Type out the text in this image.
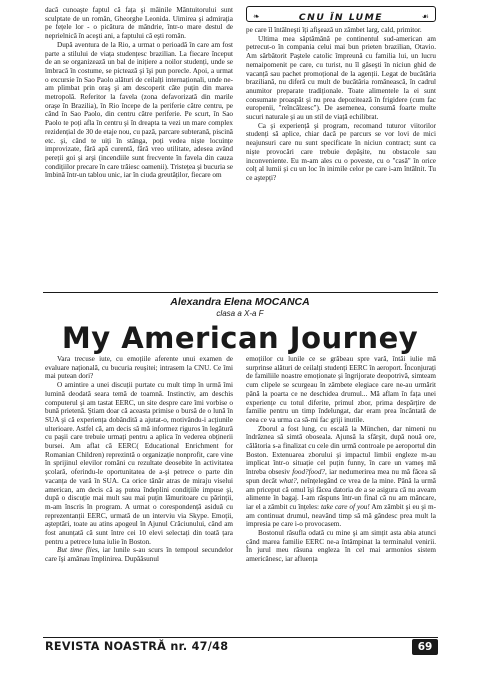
dacă cunoaşte faptul că fața şi mâinile Mântuitorului sunt sculptate de un român, Gheorghe Leonida. Uimirea şi admirația pe fețele lor - o picătura de mândrie, într-o mare destul de neprielnică în aceşti ani, a faptului că eşti român.

După aventura de la Rio, a urmat o perioadă în care am fost parte a stilului de viața studențesc brazilian. La fiecare început de an se organizează un bal de inițiere a noilor studenți, unde se îmbracă în costume, se pictează şi îşi pun porecle. Apoi, a urmat o excursie în Sao Paolo alături de ceilalți internaționali, unde ne-am plimbat prin oraş şi am descoperit căte puțin din marea metropolă. Referitor la favela (zona defavorizată din marile oraşe în Brazilia), în Rio începe de la periferie către centru, pe când în Sao Paolo, din centru către periferie. Pe scurt, în Sao Paolo te poți afla în centru şi în dreapta ta vezi un mare complex rezidențial de 30 de etaje nou, cu pază, parcare subterană, piscină etc. şi, când te uiți în stânga, poți vedea niște locuințe improvizate, fără apă curentă, fără vreo utilitate, adesea având pereții goi şi arşi (incendiile sunt frecvente în favela din cauza condițiilor precare în care trăiesc oamenii). Tristețea şi bucuria se îmbină într-un tablou unic, iar în ciuda greutăților, fiecare om

❧	CNU ÎN LUME	☙

pe care îl întâlneşti îți afişează un zâmbet larg, cald, primitor.

Ultima mea săptămână pe continentul sud-american am petrecut-o în compania celui mai bun prieten brazilian, Otavio. Am sărbătorit Paştele catolic împreună cu familia lui, un lucru nemaipomenit pe care, cu turist, nu îl găseşti în niciun ghid de vacanță sau pachet promoțional de la agenții. Legat de bucătăria braziliană, nu diferă cu mult de bucătăria românească, în cadrul anumitor preparate tradiționale. Toate alimentele la ei sunt consumate proaspăt şi nu prea depozitează în frigidere (cum fac europenii, "reîncălzesc"). De asemenea, consumă foarte multe sucuri naturale şi au un stil de viață echilibrat.

Ca şi experiență şi program, recomand tuturor viitorilor studenți să aplice, chiar dacă pe parcurs se vor lovi de mici neajunsuri care nu sunt specificate în niciun contract; sunt ca niște provocări care trebuie depăşite, nu obstacole sau inconveniente. Eu m-am ales cu o poveste, cu o "casă" în orice colț al lumii şi cu un loc în inimile celor pe care i-am întâlnit. Tu ce aştepți?

Alexandra Elena MOCANCA
clasa a X-a F
My American Journey

Vara trecuse iute, cu emoțiile aferente unui examen de evaluare națională, cu bucuria reuşitei; intrasem la CNU. Ce îmi mai putean dori?

O amintire a unei discuții purtate cu mult timp în urmă îmi lumină deodată seara temă de toamnă. Instinctiv, am deschis computerul şi am tastat EERC, un site despre care îmi vorbise o bună prietenă. Ştiam doar că aceasta primise o bursă de o lună în SUA şi că experiența dobândită a ajutat-o, motivându-i acțiunile ulterioare. Astfel că, am decis să mă informez riguros în legătură cu paşii care trebuie urmați pentru a aplica în vederea obținerii bursei. Am aflat că EERC( Educational Enrichment for Romanian Children) reprezintă o organizație nonprofit, care vine în sprijinul elevilor români cu rezultate deosebite în activitatea şcolară, oferindu-le oportunitatea de a-şi petrece o parte din vacanța de vară în SUA. Ca orice tânăr atras de miraju viselui american, am decis că aş putea îndeplini condițiile impuse şi, după o discuție mai mult sau mai puțin lămuritoare cu părinții, m-am înscris în program. A urmat o corespondență asiduă cu reprezentanții EERC, urmată de un interviu via Skype. Emoții, aşteptări, toate au atins apogeul în Ajunul Crăciunului, când am fost anunțată că sunt între cei 10 elevi selectați din toată țara pentru a petrece luna iulie în Boston.

But time flies, iar lunile s-au scurs în tempoul secundelor care îşi amânau împlinirea. Dupăăsunul

emoțiilor cu lunile ce se grăbeau spre vară, întâi iulie mă surprinse alături de ceilalți studenți EERC în aeroport. Înconjurați de familiile noastre emoționate şi îngrijorate deopotrivă, simteam cum clipele se scurgeau în zâmbete elegiace care ne-au urmărit până la poarta ce ne deschidea drumul... Mă aflam în fața unei experiențe cu totul diferite, primul zbor, prima despărțire de familie pentru un timp îndelungat, dar eram prea încântată de ceea ce va urma ca să-mi fac griji inutile.

Zborul a fost lung, cu escală la München, dar nimeni nu îndrăznea să simtă oboseala. Ajunsă la sfârşit, după nouă ore, călătoria s-a finalizat cu cele din urmă controale pe aeroportul din Boston. Extenuarea zborului şi impactul limbii engleze m-au implicat într-o situație cel puțin funny, în care un vameş mă întreba obsesiv food?food?, iar nedumerirea mea nu mă făcea să spun decât what?, neînțelegând ce vrea de la mine. Până la urmă am priceput că omul îşi făcea datoria de a se asigura că nu aveam alimente în bagaj. I-am răspuns într-un final că nu am mâncare, iar el a zâmbit cu înțeles: take care of you! Am zâmbit şi eu şi m-am continuat drumul, neavând timp să mă gândesc prea mult la impresia pe care i-o provocasem.

Bostonul răsufla odată cu mine şi am simțit asta abia atunci când marea familie EERC ne-a întâmpinat la terminalul venirii. În jurul meu răsuna engleza în cel mai armonios sistem americănesc, iar afluența

REVISTA NOASTRĂ nr. 47/48	69
